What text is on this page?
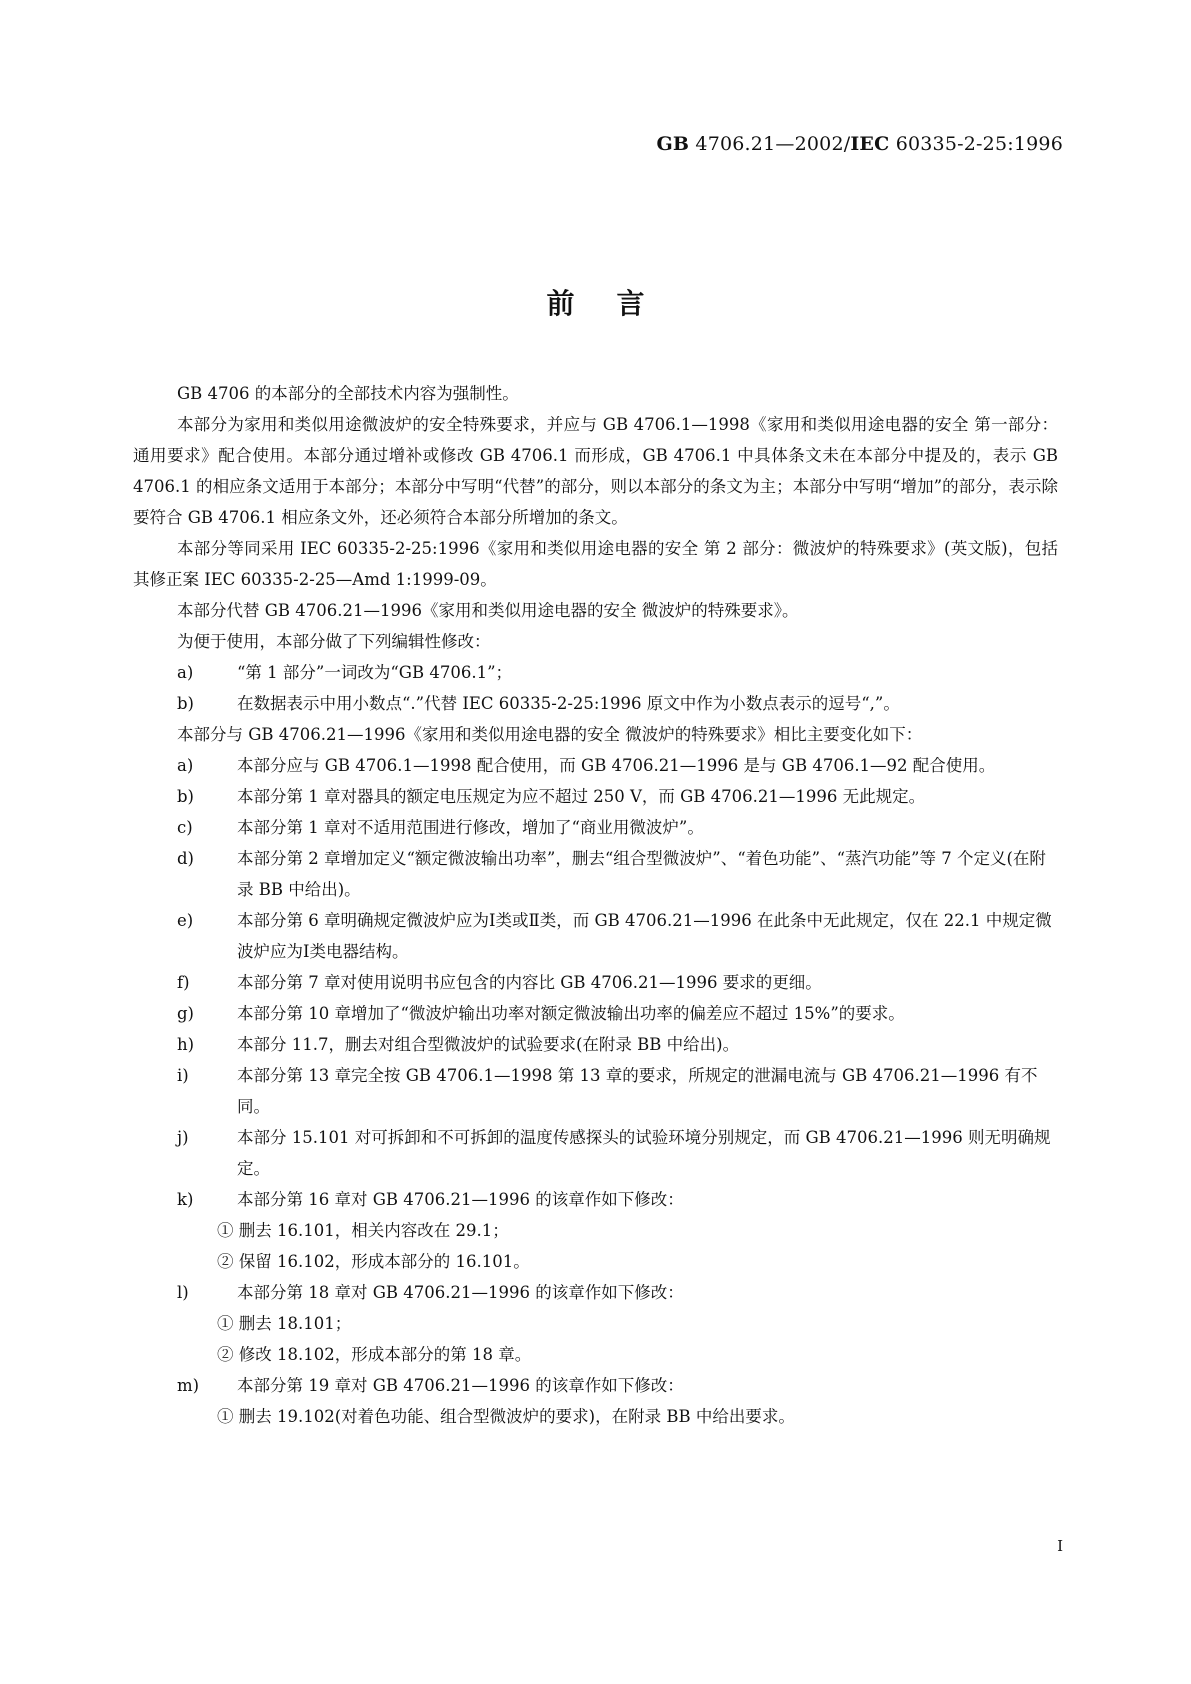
GB 4706.21—2002/IEC 60335-2-25:1996
前言

GB 4706 的本部分的全部技术内容为强制性。

本部分为家用和类似用途微波炉的安全特殊要求，并应与 GB 4706.1—1998《家用和类似用途电器的安全 第一部分：通用要求》配合使用。本部分通过增补或修改 GB 4706.1 而形成，GB 4706.1 中具体条文未在本部分中提及的，表示 GB 4706.1 的相应条文适用于本部分；本部分中写明“代替”的部分，则以本部分的条文为主；本部分中写明“增加”的部分，表示除要符合 GB 4706.1 相应条文外，还必须符合本部分所增加的条文。

本部分等同采用 IEC 60335-2-25:1996《家用和类似用途电器的安全 第 2 部分：微波炉的特殊要求》(英文版)，包括其修正案 IEC 60335-2-25—Amd 1:1999-09。

本部分代替 GB 4706.21—1996《家用和类似用途电器的安全 微波炉的特殊要求》。

为便于使用，本部分做了下列编辑性修改：

a)	“第 1 部分”一词改为“GB 4706.1”；

b)	在数据表示中用小数点“.”代替 IEC 60335-2-25:1996 原文中作为小数点表示的逗号“,”。

本部分与 GB 4706.21—1996《家用和类似用途电器的安全 微波炉的特殊要求》相比主要变化如下：

a)	本部分应与 GB 4706.1—1998 配合使用，而 GB 4706.21—1996 是与 GB 4706.1—92 配合使用。

b)	本部分第 1 章对器具的额定电压规定为应不超过 250 V，而 GB 4706.21—1996 无此规定。

c)	本部分第 1 章对不适用范围进行修改，增加了“商业用微波炉”。

d)	本部分第 2 章增加定义“额定微波输出功率”，删去“组合型微波炉”、“着色功能”、“蒸汽功能”等 7 个定义(在附录 BB 中给出)。

e)	本部分第 6 章明确规定微波炉应为Ⅰ类或Ⅱ类，而 GB 4706.21—1996 在此条中无此规定，仅在 22.1 中规定微波炉应为Ⅰ类电器结构。

f)	本部分第 7 章对使用说明书应包含的内容比 GB 4706.21—1996 要求的更细。

g)	本部分第 10 章增加了“微波炉输出功率对额定微波输出功率的偏差应不超过 15%”的要求。

h)	本部分 11.7，删去对组合型微波炉的试验要求(在附录 BB 中给出)。

i)	本部分第 13 章完全按 GB 4706.1—1998 第 13 章的要求，所规定的泄漏电流与 GB 4706.21—1996 有不同。

j)	本部分 15.101 对可拆卸和不可拆卸的温度传感探头的试验环境分别规定，而 GB 4706.21—1996 则无明确规定。

k)	本部分第 16 章对 GB 4706.21—1996 的该章作如下修改：

① 删去 16.101，相关内容改在 29.1；

② 保留 16.102，形成本部分的 16.101。

l)	本部分第 18 章对 GB 4706.21—1996 的该章作如下修改：

① 删去 18.101；

② 修改 18.102，形成本部分的第 18 章。

m) 本部分第 19 章对 GB 4706.21—1996 的该章作如下修改：

① 删去 19.102(对着色功能、组合型微波炉的要求)，在附录 BB 中给出要求。

Ⅰ
